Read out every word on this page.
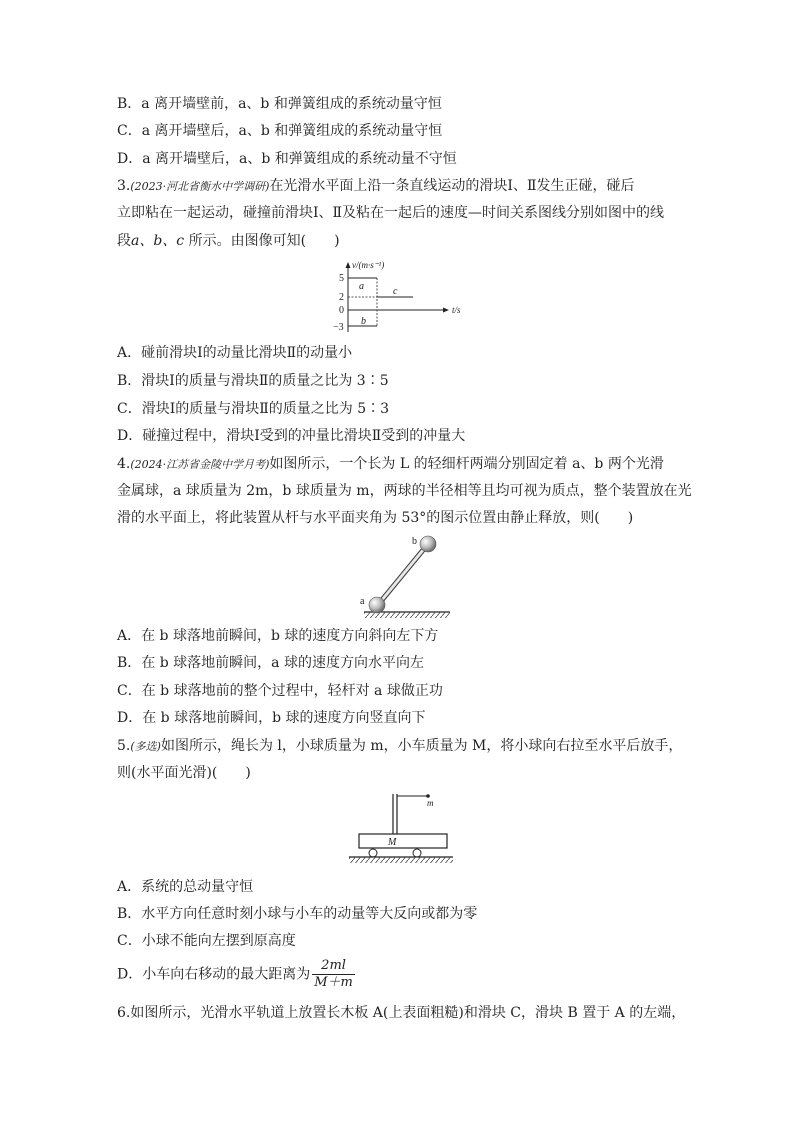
B．a 离开墙壁前，a、b 和弹簧组成的系统动量守恒
C．a 离开墙壁后，a、b 和弹簧组成的系统动量守恒
D．a 离开墙壁后，a、b 和弹簧组成的系统动量不守恒
3.(2023·河北省衡水中学调研)在光滑水平面上沿一条直线运动的滑块Ⅰ、Ⅱ发生正碰，碰后
立即粘在一起运动，碰撞前滑块Ⅰ、Ⅱ及粘在一起后的速度—时间关系图线分别如图中的线
段a、b、c 所示。由图像可知(　　)
v/(m·s⁻¹)
t/s
5
2
0
−3
a
b
c
A．碰前滑块Ⅰ的动量比滑块Ⅱ的动量小
B．滑块Ⅰ的质量与滑块Ⅱ的质量之比为 3∶5
C．滑块Ⅰ的质量与滑块Ⅱ的质量之比为 5∶3
D．碰撞过程中，滑块Ⅰ受到的冲量比滑块Ⅱ受到的冲量大
4.(2024·江苏省金陵中学月考)如图所示，一个长为 L 的轻细杆两端分别固定着 a、b 两个光滑
金属球，a 球质量为 2m，b 球质量为 m，两球的半径相等且均可视为质点，整个装置放在光
滑的水平面上，将此装置从杆与水平面夹角为 53°的图示位置由静止释放，则(　　)
a
b
A．在 b 球落地前瞬间，b 球的速度方向斜向左下方
B．在 b 球落地前瞬间，a 球的速度方向水平向左
C．在 b 球落地前的整个过程中，轻杆对 a 球做正功
D．在 b 球落地前瞬间，b 球的速度方向竖直向下
5.(多选)如图所示，绳长为 l，小球质量为 m，小车质量为 M，将小球向右拉至水平后放手，
则(水平面光滑)(　　)
m
M
A．系统的总动量守恒
B．水平方向任意时刻小球与小车的动量等大反向或都为零
C．小球不能向左摆到原高度
D．小车向右移动的最大距离为 $\frac{2ml}{M+m}$
6.如图所示，光滑水平轨道上放置长木板 A(上表面粗糙)和滑块 C，滑块 B 置于 A 的左端，
